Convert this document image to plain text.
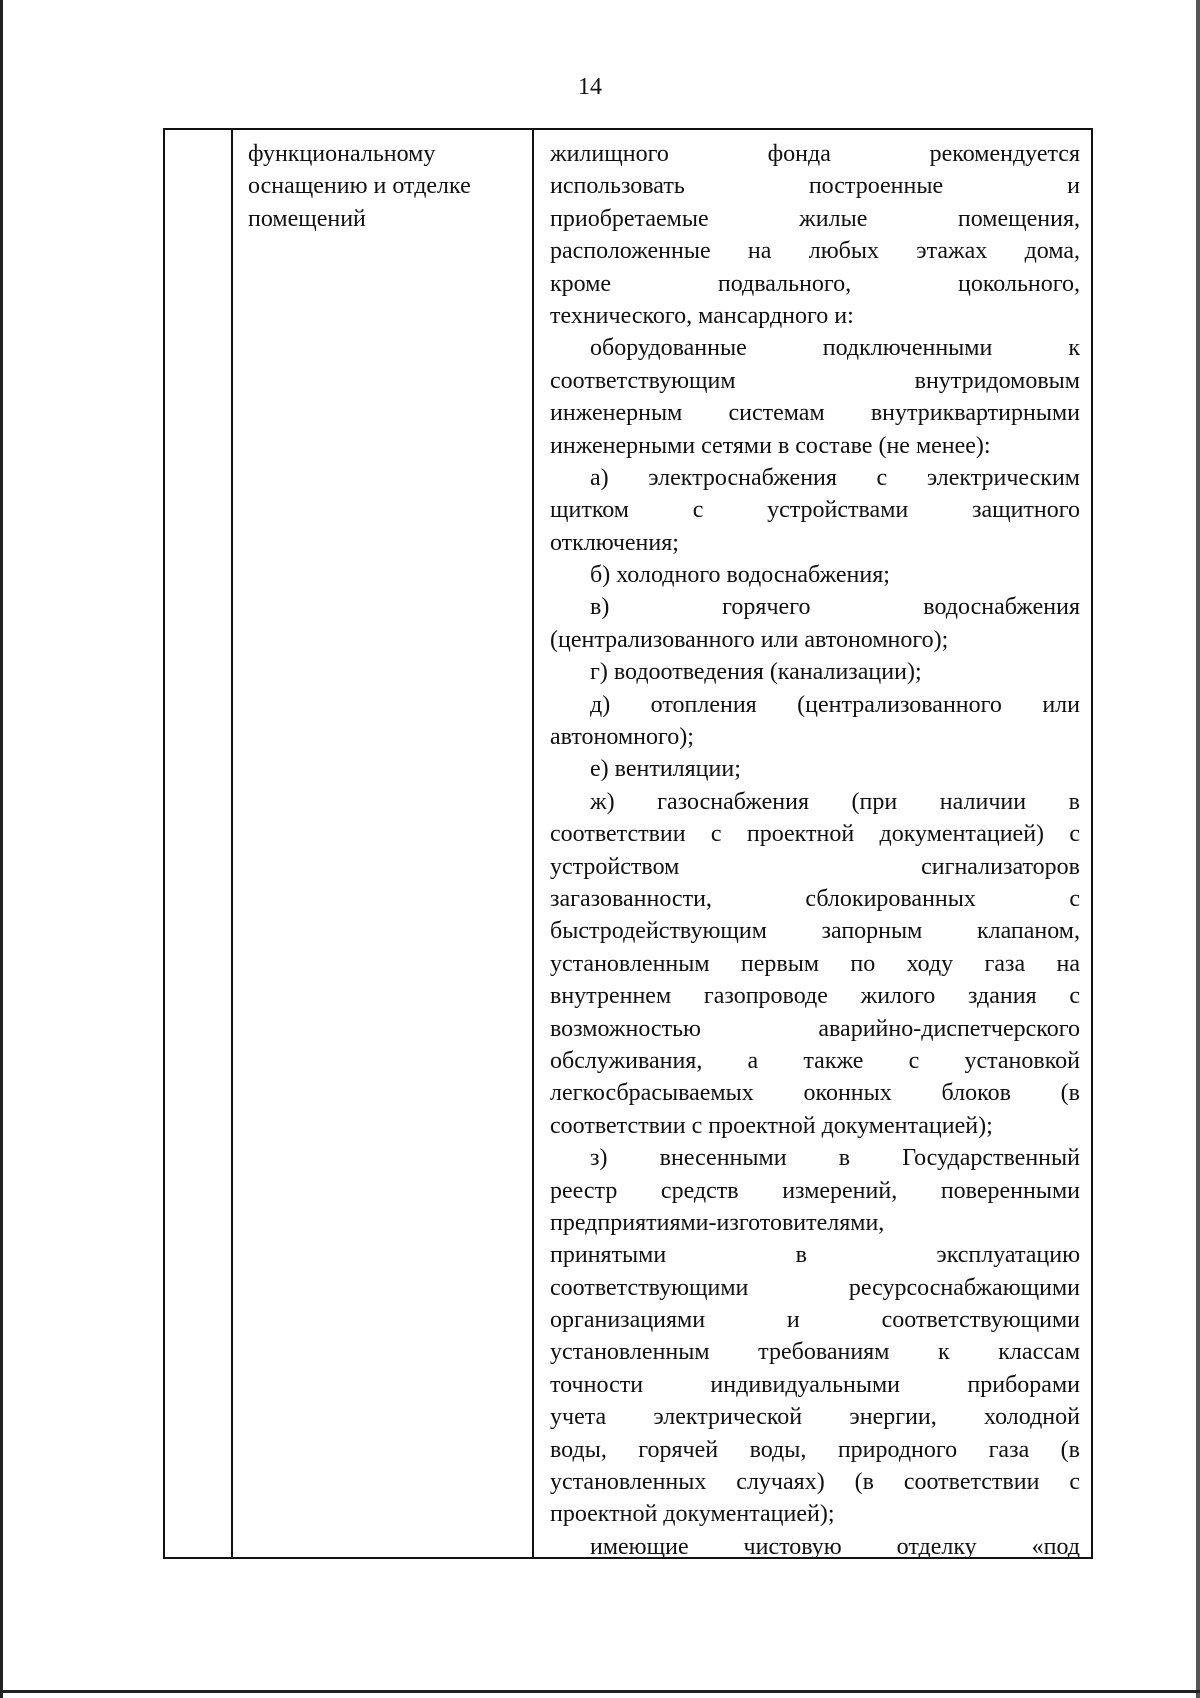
14
функциональному
оснащению и отделке
помещений
жилищного фонда рекомендуется
использовать построенные и
приобретаемые жилые помещения,
расположенные на любых этажах дома,
кроме подвального, цокольного,
технического, мансардного и:
оборудованные подключенными к
соответствующим внутридомовым
инженерным системам внутриквартирными
инженерными сетями в составе (не менее):
а) электроснабжения с электрическим
щитком с устройствами защитного
отключения;
б) холодного водоснабжения;
в) горячего водоснабжения
(централизованного или автономного);
г) водоотведения (канализации);
д) отопления (централизованного или
автономного);
е) вентиляции;
ж) газоснабжения (при наличии в
соответствии с проектной документацией) с
устройством сигнализаторов
загазованности, сблокированных с
быстродействующим запорным клапаном,
установленным первым по ходу газа на
внутреннем газопроводе жилого здания с
возможностью аварийно-диспетчерского
обслуживания, а также с установкой
легкосбрасываемых оконных блоков (в
соответствии с проектной документацией);
з) внесенными в Государственный
реестр средств измерений, поверенными
предприятиями-изготовителями,
принятыми в эксплуатацию
соответствующими ресурсоснабжающими
организациями и соответствующими
установленным требованиям к классам
точности индивидуальными приборами
учета электрической энергии, холодной
воды, горячей воды, природного газа (в
установленных случаях) (в соответствии с
проектной документацией);
имеющие чистовую отделку «под
